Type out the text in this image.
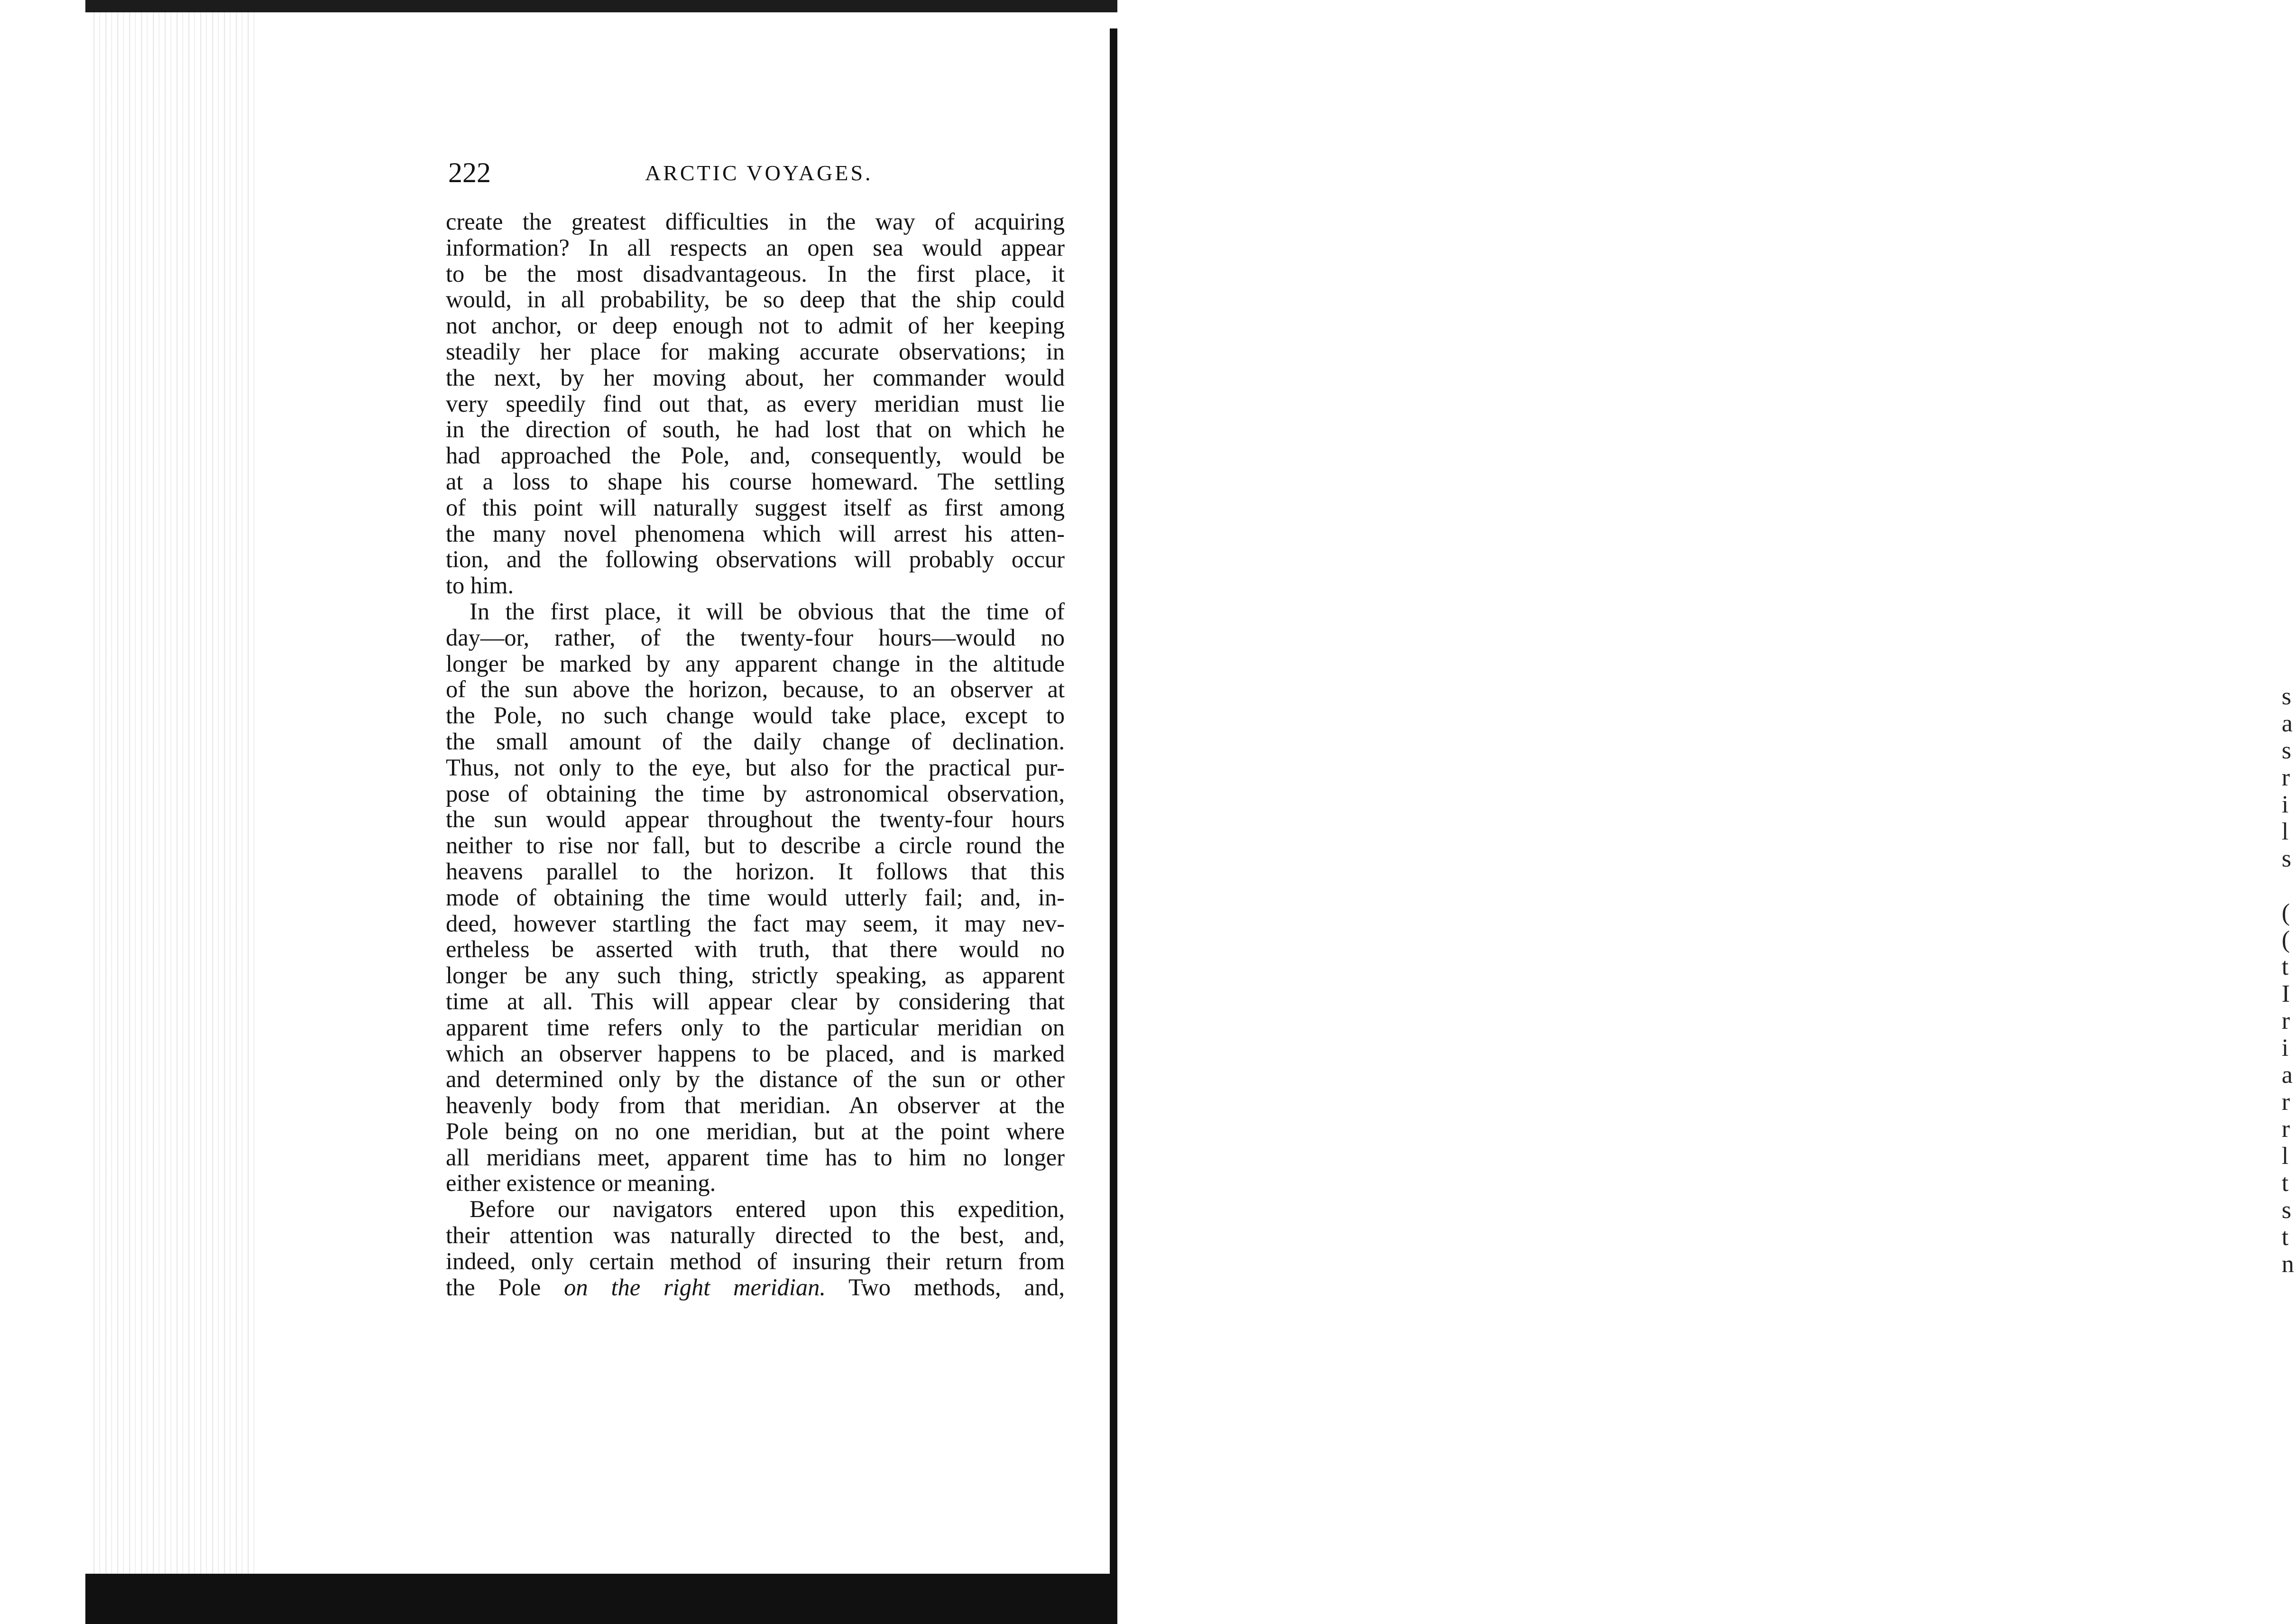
222	ARCTIC VOYAGES.
create the greatest difficulties in the way of acquiring
information? In all respects an open sea would appear
to be the most disadvantageous. In the first place, it
would, in all probability, be so deep that the ship could
not anchor, or deep enough not to admit of her keeping
steadily her place for making accurate observations; in
the next, by her moving about, her commander would
very speedily find out that, as every meridian must lie
in the direction of south, he had lost that on which he
had approached the Pole, and, consequently, would be
at a loss to shape his course homeward. The settling
of this point will naturally suggest itself as first among
the many novel phenomena which will arrest his atten-
tion, and the following observations will probably occur
to him.
In the first place, it will be obvious that the time of
day—or, rather, of the twenty-four hours—would no
longer be marked by any apparent change in the altitude
of the sun above the horizon, because, to an observer at
the Pole, no such change would take place, except to
the small amount of the daily change of declination.
Thus, not only to the eye, but also for the practical pur-
pose of obtaining the time by astronomical observation,
the sun would appear throughout the twenty-four hours
neither to rise nor fall, but to describe a circle round the
heavens parallel to the horizon. It follows that this
mode of obtaining the time would utterly fail; and, in-
deed, however startling the fact may seem, it may nev-
ertheless be asserted with truth, that there would no
longer be any such thing, strictly speaking, as apparent
time at all. This will appear clear by considering that
apparent time refers only to the particular meridian on
which an observer happens to be placed, and is marked
and determined only by the distance of the sun or other
heavenly body from that meridian. An observer at the
Pole being on no one meridian, but at the point where
all meridians meet, apparent time has to him no longer
either existence or meaning.
Before our navigators entered upon this expedition,
their attention was naturally directed to the best, and,
indeed, only certain method of insuring their return from
the Pole on the right meridian. Two methods, and,
s
a
s
r
i
l
s

(
(
t
I
r
i
a
r
r
l
t
s
t
n
